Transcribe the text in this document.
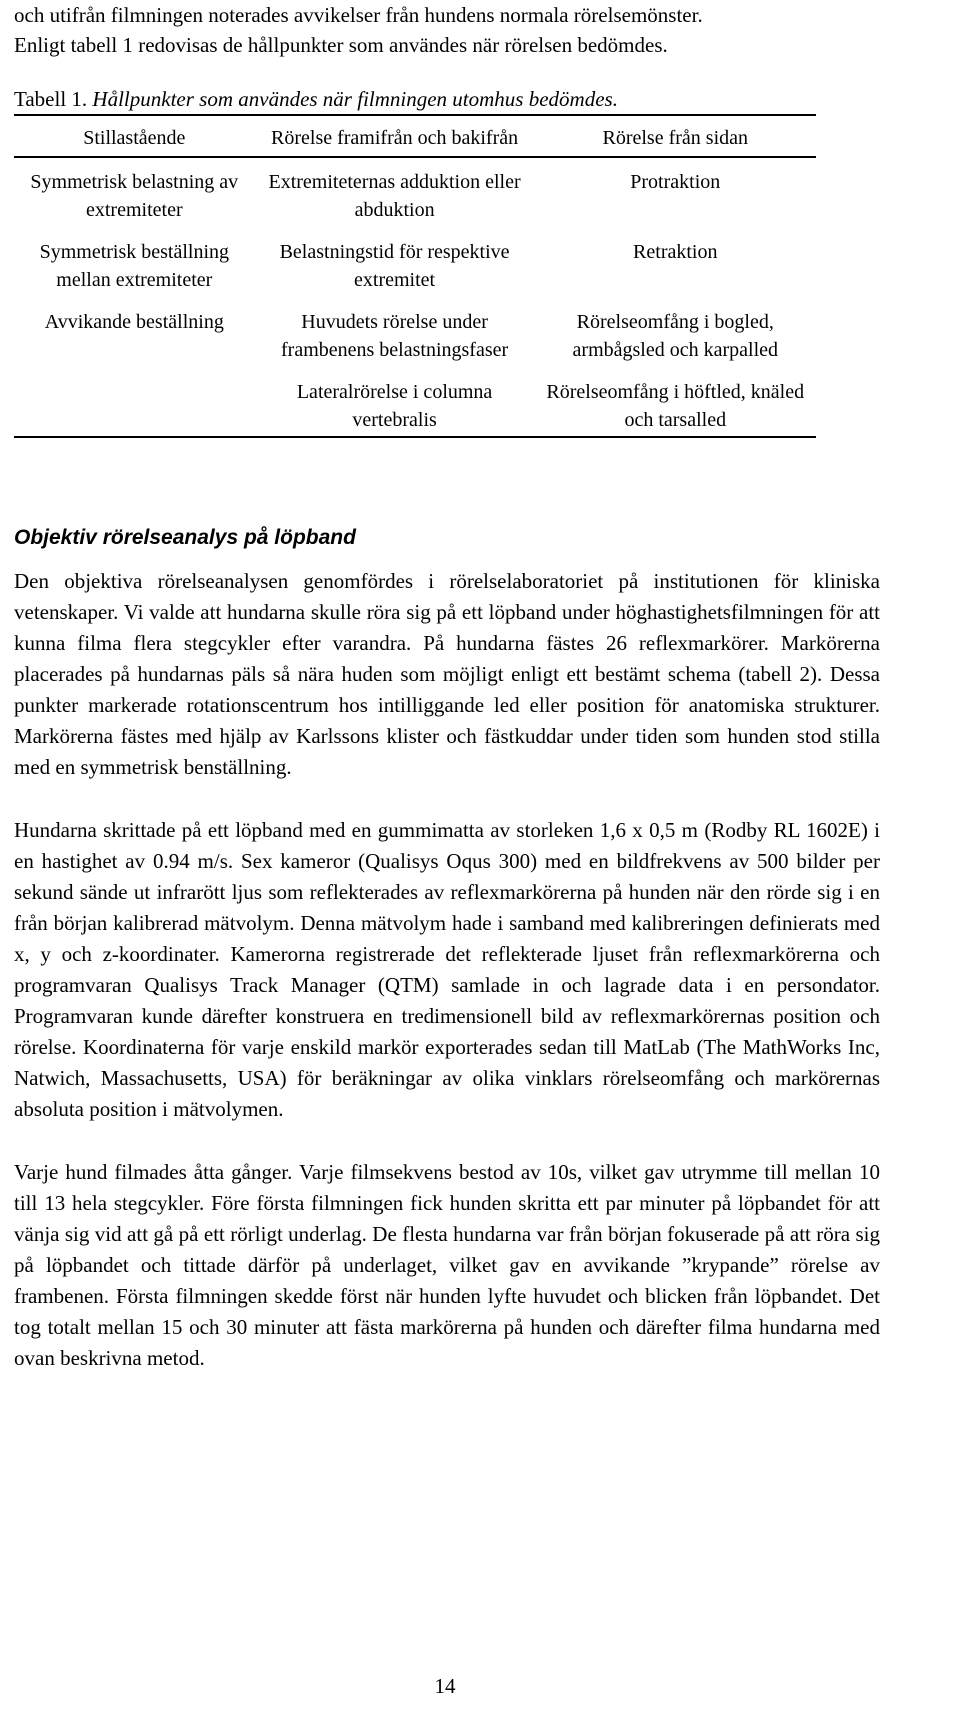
och utifrån filmningen noterades avvikelser från hundens normala rörelsemönster.

Enligt tabell 1 redovisas de hållpunkter som användes när rörelsen bedömdes.

Tabell 1. Hållpunkter som användes när filmningen utomhus bedömdes.
Stillastående	Rörelse framifrån och bakifrån	Rörelse från sidan
Symmetrisk belastning av extremiteter	Extremiteternas adduktion eller abduktion	Protraktion
Symmetrisk beställning mellan extremiteter	Belastningstid för respektive extremitet	Retraktion
Avvikande beställning	Huvudets rörelse under frambenens belastningsfaser	Rörelseomfång i bogled, armbågsled och karpalled
	Lateralrörelse i columna vertebralis	Rörelseomfång i höftled, knäled och tarsalled
Objektiv rörelseanalys på löpband

Den objektiva rörelseanalysen genomfördes i rörelselaboratoriet på institutionen för kliniska vetenskaper. Vi valde att hundarna skulle röra sig på ett löpband under höghastighetsfilmningen för att kunna filma flera stegcykler efter varandra. På hundarna fästes 26 reflexmarkörer. Markörerna placerades på hundarnas päls så nära huden som möjligt enligt ett bestämt schema (tabell 2). Dessa punkter markerade rotationscentrum hos intilliggande led eller position för anatomiska strukturer. Markörerna fästes med hjälp av Karlssons klister och fästkuddar under tiden som hunden stod stilla med en symmetrisk benställning.

Hundarna skrittade på ett löpband med en gummimatta av storleken 1,6 x 0,5 m (Rodby RL 1602E) i en hastighet av 0.94 m/s. Sex kameror (Qualisys Oqus 300) med en bildfrekvens av 500 bilder per sekund sände ut infrarött ljus som reflekterades av reflexmarkörerna på hunden när den rörde sig i en från början kalibrerad mätvolym. Denna mätvolym hade i samband med kalibreringen definierats med x, y och z-koordinater. Kamerorna registrerade det reflekterade ljuset från reflexmarkörerna och programvaran Qualisys Track Manager (QTM) samlade in och lagrade data i en persondator. Programvaran kunde därefter konstruera en tredimensionell bild av reflexmarkörernas position och rörelse. Koordinaterna för varje enskild markör exporterades sedan till MatLab (The MathWorks Inc, Natwich, Massachusetts, USA) för beräkningar av olika vinklars rörelseomfång och markörernas absoluta position i mätvolymen.

Varje hund filmades åtta gånger. Varje filmsekvens bestod av 10s, vilket gav utrymme till mellan 10 till 13 hela stegcykler. Före första filmningen fick hunden skritta ett par minuter på löpbandet för att vänja sig vid att gå på ett rörligt underlag. De flesta hundarna var från början fokuserade på att röra sig på löpbandet och tittade därför på underlaget, vilket gav en avvikande ”krypande” rörelse av frambenen. Första filmningen skedde först när hunden lyfte huvudet och blicken från löpbandet. Det tog totalt mellan 15 och 30 minuter att fästa markörerna på hunden och därefter filma hundarna med ovan beskrivna metod.

14
